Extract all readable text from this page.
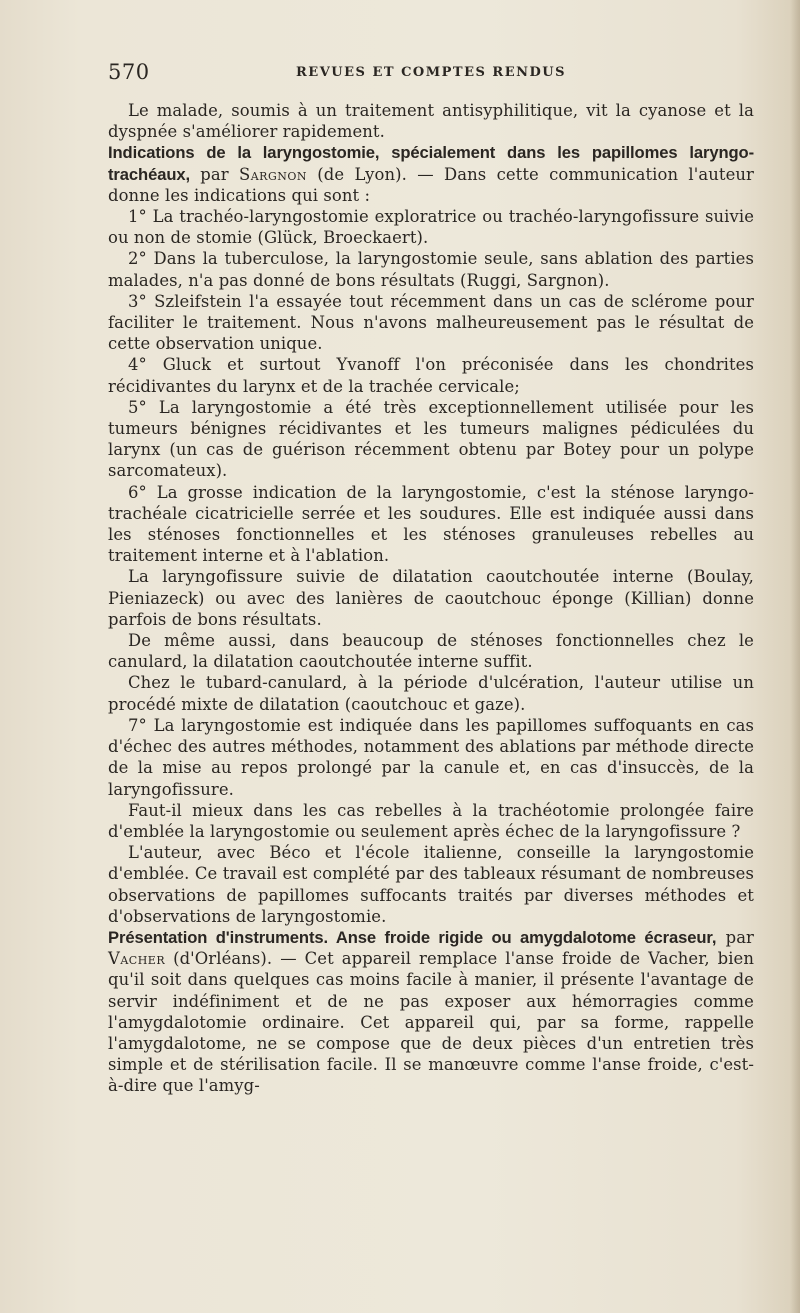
570	REVUES ET COMPTES RENDUS

Le malade, soumis à un traitement antisyphilitique, vit la cyanose et la dyspnée s'améliorer rapidement.

Indications de la laryngostomie, spécialement dans les papillomes laryngo-trachéaux, par Sargnon (de Lyon). — Dans cette communication l'auteur donne les indications qui sont :

1° La trachéo-laryngostomie exploratrice ou trachéo-laryngofissure suivie ou non de stomie (Glück, Broeckaert).

2° Dans la tuberculose, la laryngostomie seule, sans ablation des parties malades, n'a pas donné de bons résultats (Ruggi, Sargnon).

3° Szleifstein l'a essayée tout récemment dans un cas de sclérome pour faciliter le traitement. Nous n'avons malheureusement pas le résultat de cette observation unique.

4° Gluck et surtout Yvanoff l'on préconisée dans les chondrites récidivantes du larynx et de la trachée cervicale;

5° La laryngostomie a été très exceptionnellement utilisée pour les tumeurs bénignes récidivantes et les tumeurs malignes pédiculées du larynx (un cas de guérison récemment obtenu par Botey pour un polype sarcomateux).

6° La grosse indication de la laryngostomie, c'est la sténose laryngo-trachéale cicatricielle serrée et les soudures. Elle est indiquée aussi dans les sténoses fonctionnelles et les sténoses granuleuses rebelles au traitement interne et à l'ablation.

La laryngofissure suivie de dilatation caoutchoutée interne (Boulay, Pieniazeck) ou avec des lanières de caoutchouc éponge (Killian) donne parfois de bons résultats.

De même aussi, dans beaucoup de sténoses fonctionnelles chez le canulard, la dilatation caoutchoutée interne suffit.

Chez le tubard-canulard, à la période d'ulcération, l'auteur utilise un procédé mixte de dilatation (caoutchouc et gaze).

7° La laryngostomie est indiquée dans les papillomes suffoquants en cas d'échec des autres méthodes, notamment des ablations par méthode directe de la mise au repos prolongé par la canule et, en cas d'insuccès, de la laryngofissure.

Faut-il mieux dans les cas rebelles à la trachéotomie prolongée faire d'emblée la laryngostomie ou seulement après échec de la laryngofissure ?

L'auteur, avec Béco et l'école italienne, conseille la laryngostomie d'emblée. Ce travail est complété par des tableaux résumant de nombreuses observations de papillomes suffocants traités par diverses méthodes et d'observations de laryngostomie.

Présentation d'instruments. Anse froide rigide ou amygdalotome écraseur, par Vacher (d'Orléans). — Cet appareil remplace l'anse froide de Vacher, bien qu'il soit dans quelques cas moins facile à manier, il présente l'avantage de servir indéfiniment et de ne pas exposer aux hémorragies comme l'amygdalotomie ordinaire. Cet appareil qui, par sa forme, rappelle l'amygdalotome, ne se compose que de deux pièces d'un entretien très simple et de stérilisation facile. Il se manœuvre comme l'anse froide, c'est-à-dire que l'amyg-
